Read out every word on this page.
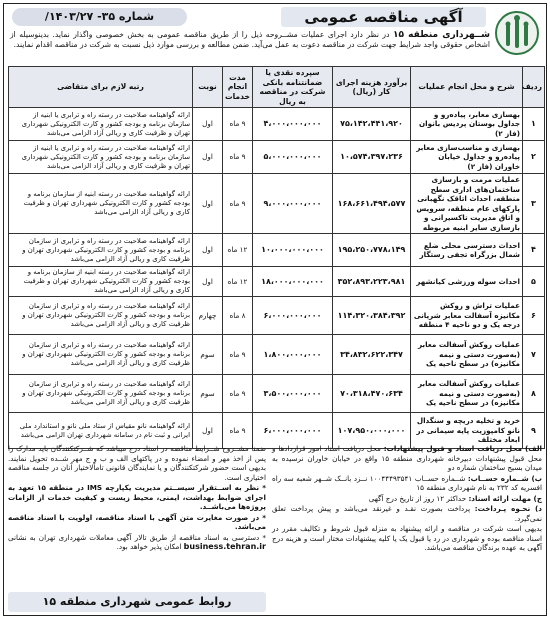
آگهی مناقصه عمومی
شماره ۳۵- ۱۴۰۳/۲۷/
شــهرداری منطقه ۱۵ در نظر دارد اجرای عملیات مشــروحه ذیل را از طریق مناقصه عمومی به بخش خصوصی واگذار نماید. بدینوسیله از اشخاص حقوقی واجد شرایط جهت شرکت در مناقصه دعوت به عمل می‌آید. ضمن مطالعه و بررسی موارد ذیل نسبت به شرکت در مناقصه اقدام نمایند.
ردیف	شرح و محل انجام عملیات	برآورد هزینه اجرای کار (ریال)	سپرده نقدی یا ضمانتنامه بانکی شرکت در مناقصه به ریال	مدت انجام خدمات	نوبت	رتبه لازم برای متقاضی
۱	بهسازی معابر، پیاده‌رو و جداول بوستان پردیس بانوان (فاز ۲)	۷۵،۱۴۲،۴۴۱،۹۲۰	۴،۰۰۰،۰۰۰،۰۰۰	۹ ماه	اول	ارائه گواهینامه صلاحیت در رسته راه و ترابری یا ابنیه از سازمان برنامه و بودجه کشور و کارت الکترونیکی شهرداری تهران و ظرفیت کاری و ریالی آزاد الزامی می‌باشد
۲	بهسازی و مناسب‌سازی معابر پیاده‌رو و جداول خیابان خاوران (فاز ۲)	۱۰،۵۷۴،۳۹۷،۲۳۶	۵،۰۰۰،۰۰۰،۰۰۰	۹ ماه	اول	ارائه گواهینامه صلاحیت در رسته راه و ترابری یا ابنیه از سازمان برنامه و بودجه کشور و کارت الکترونیکی شهرداری تهران و ظرفیت کاری و ریالی آزاد الزامی می‌باشد
۳	عملیات مرمت و بازسازی ساختمان‌های اداری سطح منطقه، احداث اتاقک نگهبانی پارکهای عام منطقه، سرویس و اتاق مدیریت تاکسیرانی و بازسازی سایر ابنیه مربوطه	۱۶۸،۶۶۱،۴۹۴،۵۷۷	۹،۰۰۰،۰۰۰،۰۰۰	۹ ماه	اول	ارائه گواهینامه صلاحیت در رسته ابنیه از سازمان برنامه و بودجه کشور و کارت الکترونیکی شهرداری تهران و ظرفیت کاری و ریالی آزاد الزامی می‌باشد
۴	احداث دسترسی محلی ضلع شمال بزرگراه تجفی رستگار	۱۹۵،۲۵۰،۷۷۸،۱۴۹	۱۰،۰۰۰،۰۰۰،۰۰۰	۱۲ ماه	اول	ارائه گواهینامه صلاحیت در رسته راه و ترابری از سازمان برنامه و بودجه کشور و کارت الکترونیکی شهرداری تهران و ظرفیت کاری و ریالی آزاد الزامی می‌باشد
۵	احداث سوله ورزشی کیانشهر	۳۵۲،۸۹۳،۲۲۳،۹۸۱	۱۸،۰۰۰،۰۰۰،۰۰۰	۱۲ ماه	اول	ارائه گواهینامه صلاحیت در رسته ابنیه از سازمان برنامه و بودجه کشور و کارت الکترونیکی شهرداری تهران و ظرفیت کاری و ریالی آزاد الزامی می‌باشد
۶	عملیات تراش و روکش مکانیزه آسفالت معابر شریانی درجه یک و دو ناحیه ۴ منطقه	۱۱۴،۳۲۰،۳۸۴،۳۹۲	۶،۰۰۰،۰۰۰،۰۰۰	۸ ماه	چهارم	ارائه گواهینامه صلاحیت در رسته راه و ترابری از سازمان برنامه و بودجه کشور و کارت الکترونیکی شهرداری تهران و ظرفیت کاری و ریالی آزاد الزامی می‌باشد
۷	عملیات روکش آسفالت معابر (به‌صورت دستی و نیمه مکانیزه) در سطح ناحیه یک	۳۴،۸۳۲،۶۲۲،۳۴۷	۱،۸۰۰،۰۰۰،۰۰۰	۹ ماه	سوم	ارائه گواهینامه صلاحیت در رسته راه و ترابری از سازمان برنامه و بودجه کشور و کارت الکترونیکی شهرداری تهران و ظرفیت کاری و ریالی آزاد الزامی می‌باشد
۸	عملیات روکش آسفالت معابر (به‌صورت دستی و نیمه مکانیزه) در سطح ناحیه یک	۷۰،۳۱۸،۴۷۰،۶۳۴	۳،۵۰۰،۰۰۰،۰۰۰	۹ ماه	سوم	ارائه گواهینامه صلاحیت در رسته راه و ترابری از سازمان برنامه و بودجه کشور و کارت الکترونیکی شهرداری تهران و ظرفیت کاری و ریالی آزاد الزامی می‌باشد
۹	خرید و تخلیه دریچه و سنگدال نانو کامپوزیت پایه سیمانی در ابعاد مختلف	۱۰۷،۹۵۰،۰۰۰،۰۰۰	۶،۰۰۰،۰۰۰،۰۰۰	۹ ماه	اول	ارائه گواهینامه نانو مقیاس از ستاد ملی نانو و استاندارد ملی ایرانی و ثبت نام در سامانه شهرداری تهران الزامی می‌باشد

الف) محل دریافت اسناد و قبول پیشنهادات: محل دریافت اسناد امور قراردادها و محل قبول پیشنهادات دبیرخانه شهرداری منطقه ۱۵ واقع در خیابان خاوران نرسیده به میدان بسیج ساختمان شماره دو

ب) شــماره حســاب: شــماره حســاب ۱۰۰۴۴۴۹۳۵۴۱ نــزد بانــک شــهر شعبه سه راه افسریه کد ۲۳۲ به نام شهرداری منطقه ۱۵

ج) مهلت ارائه اسناد: حداکثر ۱۲ روز از تاریخ درج آگهی

د) نحـوه پـرداخت: پرداخت بصورت نقـد و غیرنقد می‌باشد و پیش پرداخت تعلق نمی‌گیرد.

بدیهی است شرکت در مناقصه و ارائه پیشنهاد به منزله قبول شروط و تکالیف مقرر در اسناد مناقصه بوده و شهرداری در رد یا قبول یک یا کلیه پیشنهادات مختار است و هزینه درج آگهی به عهده برندگان مناقصه می‌باشد.

ضمنا مشــروح شــرایط مناقصه در اسناد درج میباشد که شــرکتکنندگان باید مدارک را پس از اخذ مهر و امضاء نموده و در پاکتهای الف و ب و ج مهر شــده تحویل نمایند. بدیهی است حضور شرکتکنندگان و یا نمایندگان قانونی تاماًلاختیار آنان در جلسه مناقصه اختیاری است.

* نظر به اســتقرار سیســتم مدیریت یکپارچه IMS در منطقه ۱۵ تعهد به اجرای ضوابط بهداشت، ایمنی، محیط زیست و کیفیت خدمات از الزامات پروژه‌ها می‌باشــد.

* در صورت مغایرت متن آگهی با اسناد مناقصه، اولویت با اسناد مناقصه می‌باشد.

* دسترسی به اسناد مناقصه از طریق تالار آگهی معاملات شهرداری تهران به نشانی business.tehran.ir امکان پذیر خواهد بود.

روابط عمومی شهرداری منطقه ۱۵
